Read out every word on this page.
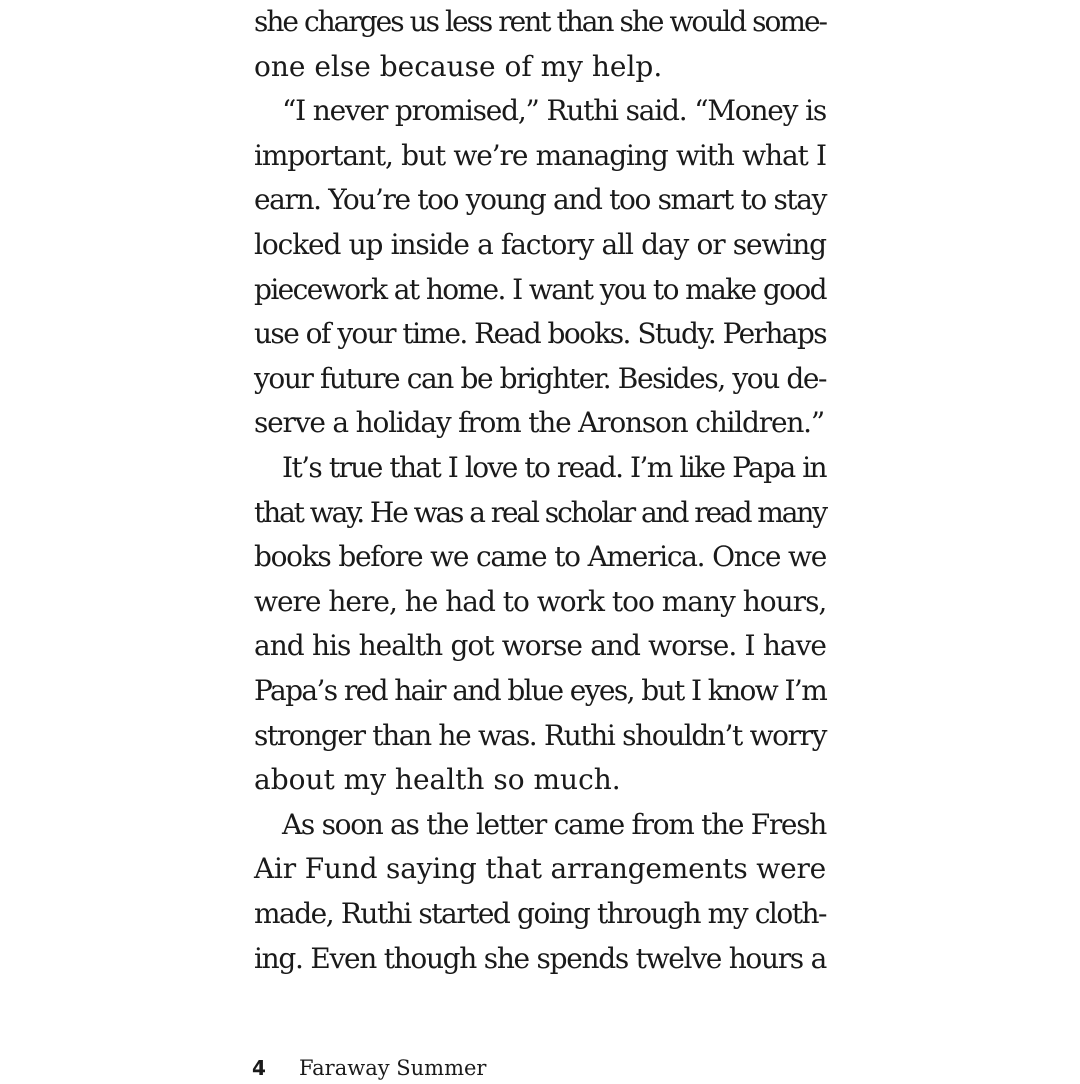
she charges us less rent than she would some-
one else because of my help.
“I never promised,” Ruthi said. “Money is
important, but we’re managing with what I
earn. You’re too young and too smart to stay
locked up inside a factory all day or sewing
piecework at home. I want you to make good
use of your time. Read books. Study. Perhaps
your future can be brighter. Besides, you de-
serve a holiday from the Aronson children.”
It’s true that I love to read. I’m like Papa in
that way. He was a real scholar and read many
books before we came to America. Once we
were here, he had to work too many hours,
and his health got worse and worse. I have
Papa’s red hair and blue eyes, but I know I’m
stronger than he was. Ruthi shouldn’t worry
about my health so much.
As soon as the letter came from the Fresh
Air Fund saying that arrangements were
made, Ruthi started going through my cloth-
ing. Even though she spends twelve hours a
4 Faraway Summer
